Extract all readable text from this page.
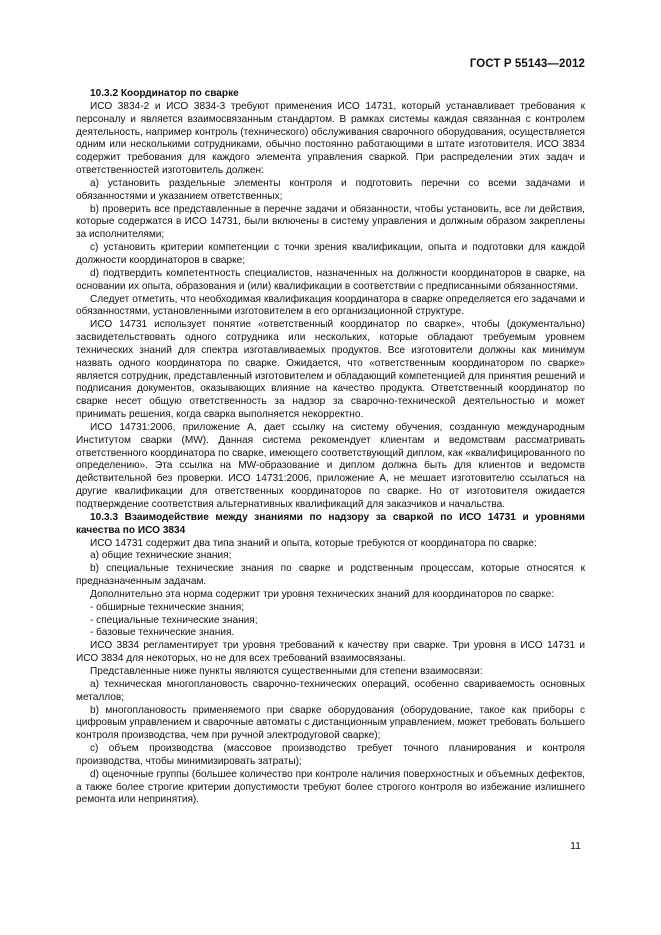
ГОСТ Р 55143—2012

10.3.2 Координатор по сварке

ИСО 3834-2 и ИСО 3834-3 требуют применения ИСО 14731, который устанавливает требования к персоналу и является взаимосвязанным стандартом. В рамках системы каждая связанная с контролем деятельность, например контроль (технического) обслуживания сварочного оборудования, осуществляется одним или несколькими сотрудниками, обычно постоянно работающими в штате изготовителя. ИСО 3834 содержит требования для каждого элемента управления сваркой. При распределении этих задач и ответственностей изготовитель должен:

a) установить раздельные элементы контроля и подготовить перечни со всеми задачами и обязанностями и указанием ответственных;

b) проверить все представленные в перечне задачи и обязанности, чтобы установить, все ли действия, которые содержатся в ИСО 14731, были включены в систему управления и должным образом закреплены за исполнителями;

c) установить критерии компетенции с точки зрения квалификации, опыта и подготовки для каждой должности координаторов в сварке;

d) подтвердить компетентность специалистов, назначенных на должности координаторов в сварке, на основании их опыта, образования и (или) квалификации в соответствии с предписанными обязанностями.

Следует отметить, что необходимая квалификация координатора в сварке определяется его задачами и обязанностями, установленными изготовителем в его организационной структуре.

ИСО 14731 использует понятие «ответственный координатор по сварке», чтобы (документально) засвидетельствовать одного сотрудника или нескольких, которые обладают требуемым уровнем технических знаний для спектра изготавливаемых продуктов. Все изготовители должны как минимум назвать одного координатора по сварке. Ожидается, что «ответственным координатором по сварке» является сотрудник, представленный изготовителем и обладающий компетенцией для принятия решений и подписания документов, оказывающих влияние на качество продукта. Ответственный координатор по сварке несет общую ответственность за надзор за сварочно-технической деятельностью и может принимать решения, когда сварка выполняется некорректно.

ИСО 14731:2006, приложение А, дает ссылку на систему обучения, созданную международным Институтом сварки (MW). Данная система рекомендует клиентам и ведомствам рассматривать ответственного координатора по сварке, имеющего соответствующий диплом, как «квалифицированного по определению». Эта ссылка на MW-образование и диплом должна быть для клиентов и ведомств действительной без проверки. ИСО 14731:2006, приложение А, не мешает изготовителю ссылаться на другие квалификации для ответственных координаторов по сварке. Но от изготовителя ожидается подтверждение соответствия альтернативных квалификаций для заказчиков и начальства.

10.3.3 Взаимодействие между знаниями по надзору за сваркой по ИСО 14731 и уровнями качества по ИСО 3834

ИСО 14731 содержит два типа знаний и опыта, которые требуются от координатора по сварке:

а) общие технические знания;

b) специальные технические знания по сварке и родственным процессам, которые относятся к предназначенным задачам.

Дополнительно эта норма содержит три уровня технических знаний для координаторов по сварке:

- обширные технические знания;

- специальные технические знания;

- базовые технические знания.

ИСО 3834 регламентирует три уровня требований к качеству при сварке. Три уровня в ИСО 14731 и ИСО 3834 для некоторых, но не для всех требований взаимосвязаны.

Представленные ниже пункты являются существенными для степени взаимосвязи:

а) техническая многоплановость сварочно-технических операций, особенно свариваемость основных металлов;

b) многоплановость применяемого при сварке оборудования (оборудование, такое как приборы с цифровым управлением и сварочные автоматы с дистанционным управлением, может требовать большего контроля производства, чем при ручной электродуговой сварке);

c) объем производства (массовое производство требует точного планирования и контроля производства, чтобы минимизировать затраты);

d) оценочные группы (большее количество при контроле наличия поверхностных и объемных дефектов, а также более строгие критерии допустимости требуют более строгого контроля во избежание излишнего ремонта или непринятия).

11
